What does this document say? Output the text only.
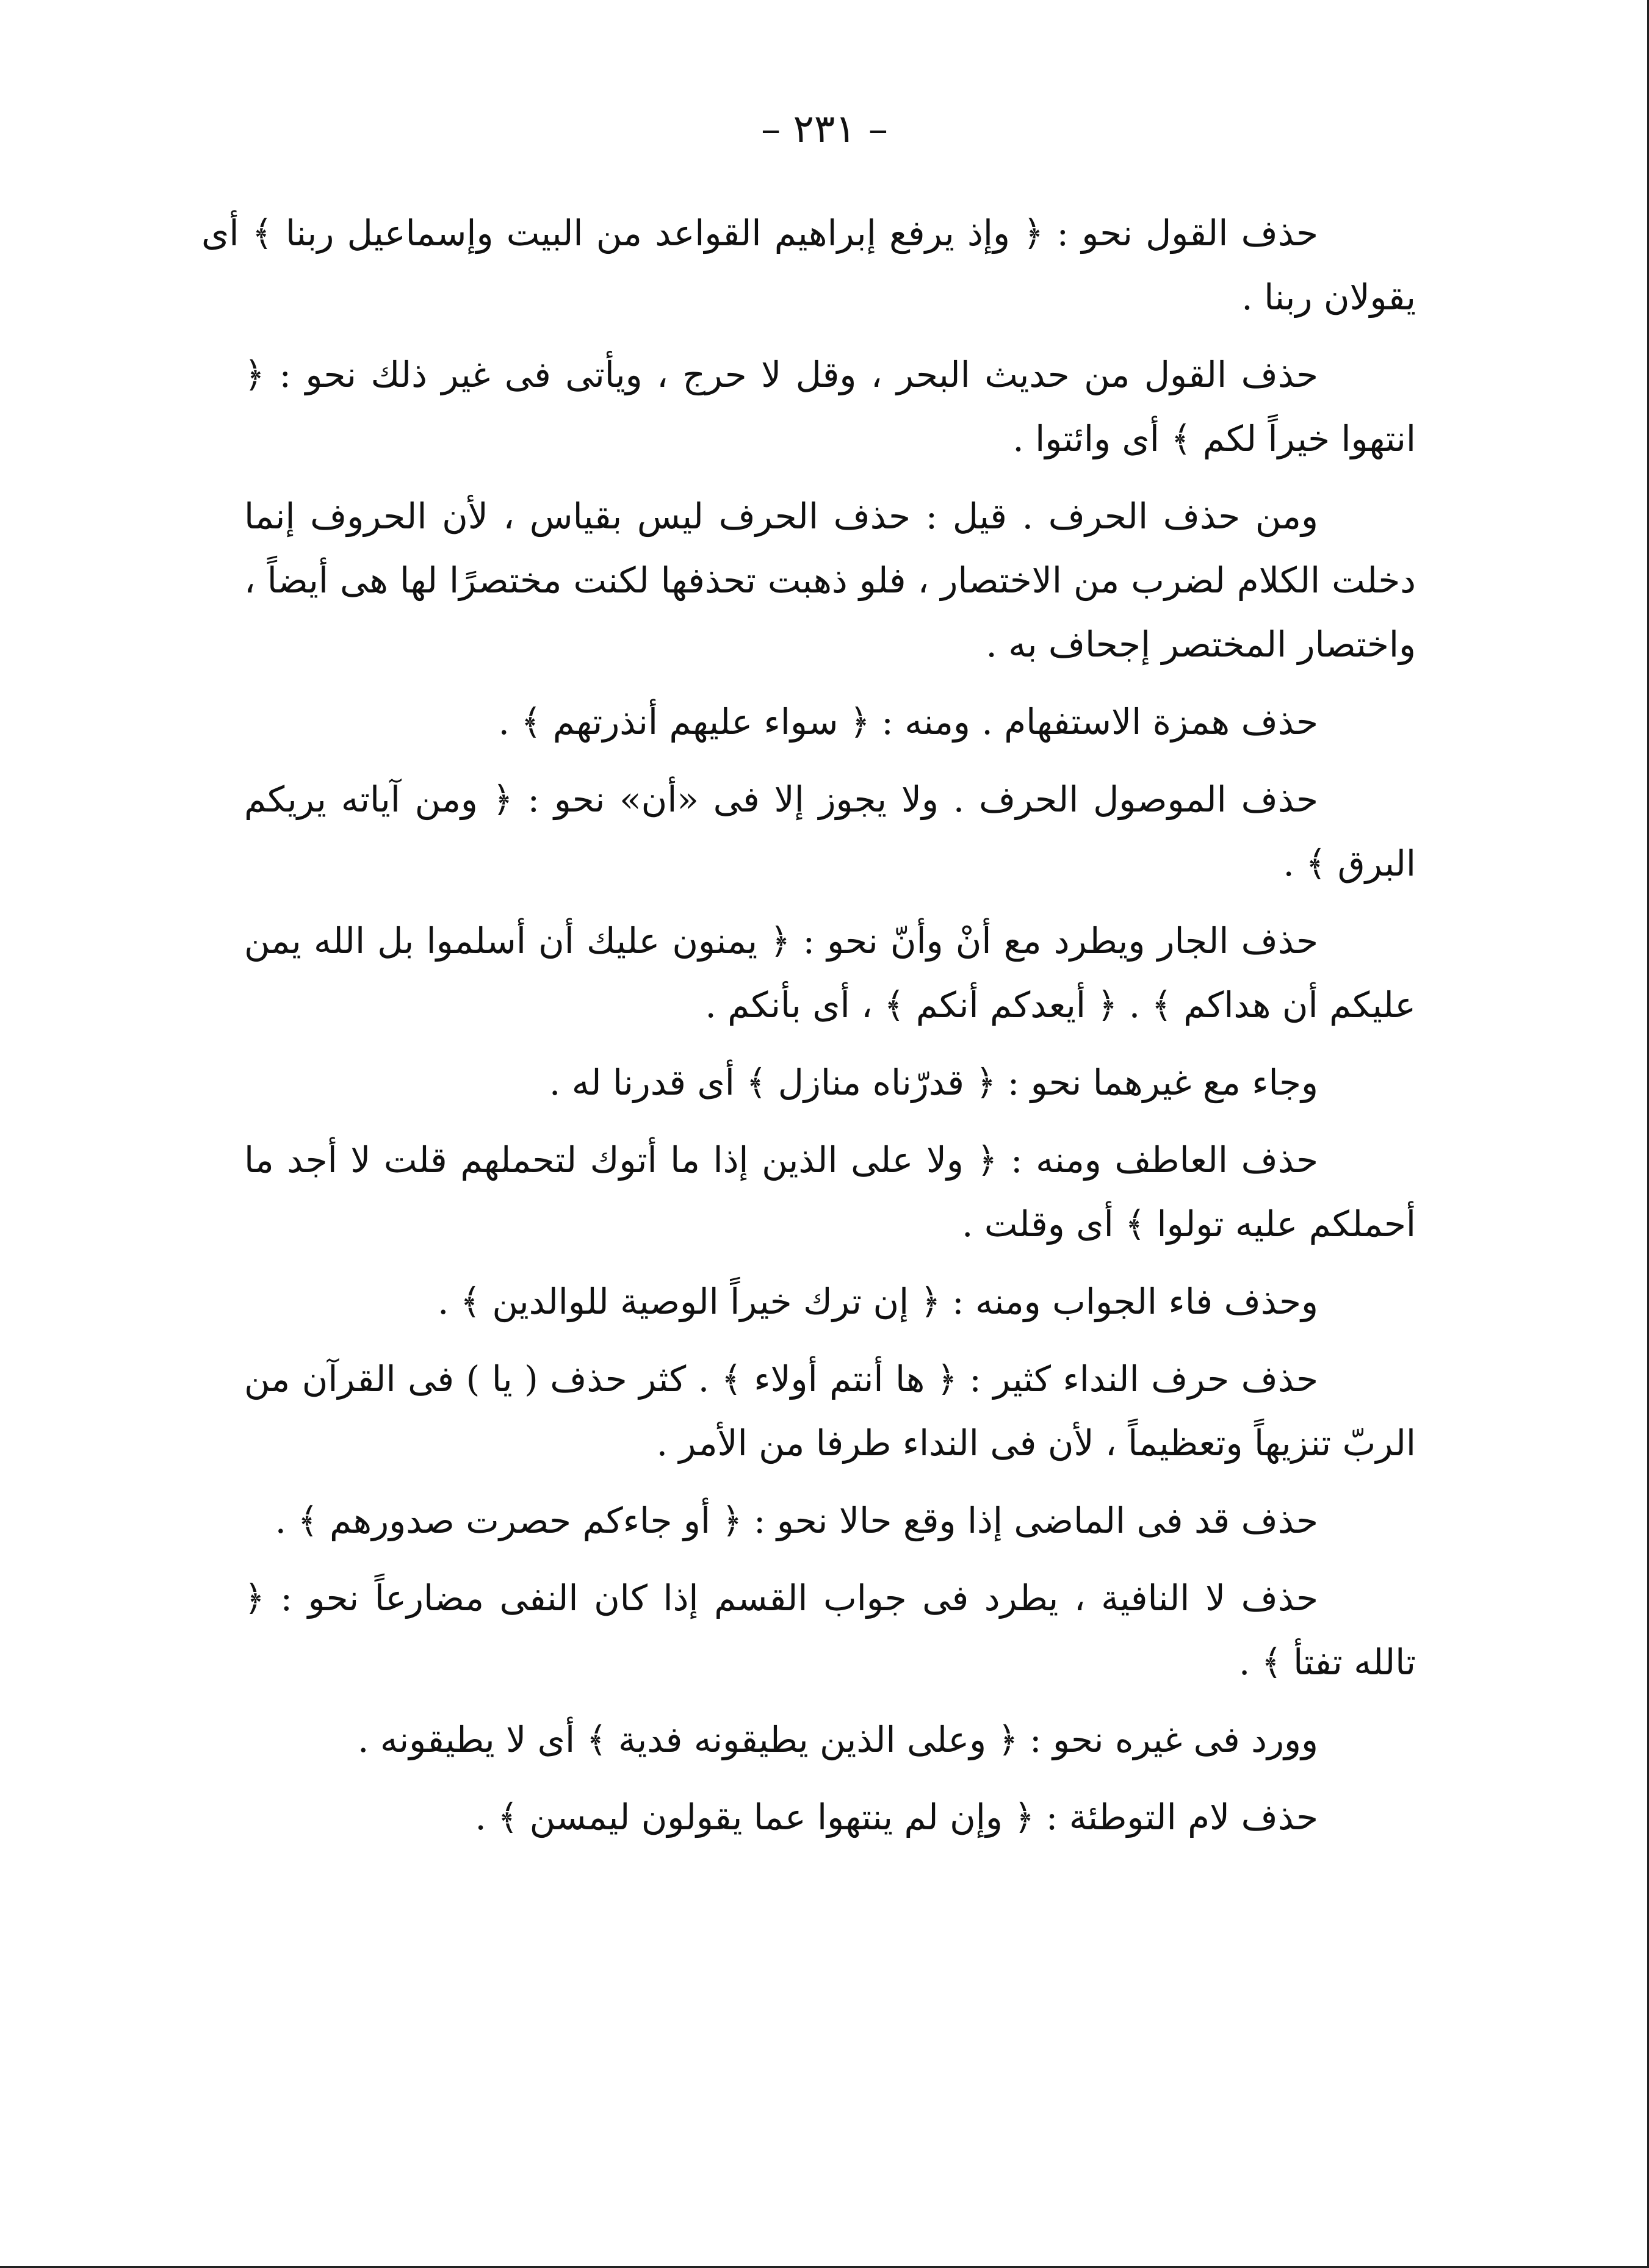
– ٢٣١ –

حذف القول نحو : ﴿ وإذ يرفع إبراهيم القواعد من البيت وإسماعيل ربنا ﴾ أى يقولان ربنا .

حذف القول من حديث البحر ، وقل لا حرج ، ويأتى فى غير ذلك نحو : ﴿ انتهوا خيراً لكم ﴾ أى وائتوا .

ومن حذف الحرف . قيل : حذف الحرف ليس بقياس ، لأن الحروف إنما دخلت الكلام لضرب من الاختصار ، فلو ذهبت تحذفها لكنت مختصرًا لها هى أيضاً ، واختصار المختصر إجحاف به .

حذف همزة الاستفهام . ومنه : ﴿ سواء عليهم أنذرتهم ﴾ .

حذف الموصول الحرف . ولا يجوز إلا فى «أن» نحو : ﴿ ومن آياته يريكم البرق ﴾ .

حذف الجار ويطرد مع أنْ وأنّ نحو : ﴿ يمنون عليك أن أسلموا بل الله يمن عليكم أن هداكم ﴾ . ﴿ أيعدكم أنكم ﴾ ، أى بأنكم .

وجاء مع غيرهما نحو : ﴿ قدرّناه منازل ﴾ أى قدرنا له .

حذف العاطف ومنه : ﴿ ولا على الذين إذا ما أتوك لتحملهم قلت لا أجد ما أحملكم عليه تولوا ﴾ أى وقلت .

وحذف فاء الجواب ومنه : ﴿ إن ترك خيراً الوصية للوالدين ﴾ .

حذف حرف النداء كثير : ﴿ ها أنتم أولاء ﴾ . كثر حذف ( يا ) فى القرآن من الربّ تنزيهاً وتعظيماً ، لأن فى النداء طرفا من الأمر .

حذف قد فى الماضى إذا وقع حالا نحو : ﴿ أو جاءكم حصرت صدورهم ﴾ .

حذف لا النافية ، يطرد فى جواب القسم إذا كان النفى مضارعاً نحو : ﴿ تالله تفتأ ﴾ .

وورد فى غيره نحو : ﴿ وعلى الذين يطيقونه فدية ﴾ أى لا يطيقونه .

حذف لام التوطئة : ﴿ وإن لم ينتهوا عما يقولون ليمسن ﴾ .
